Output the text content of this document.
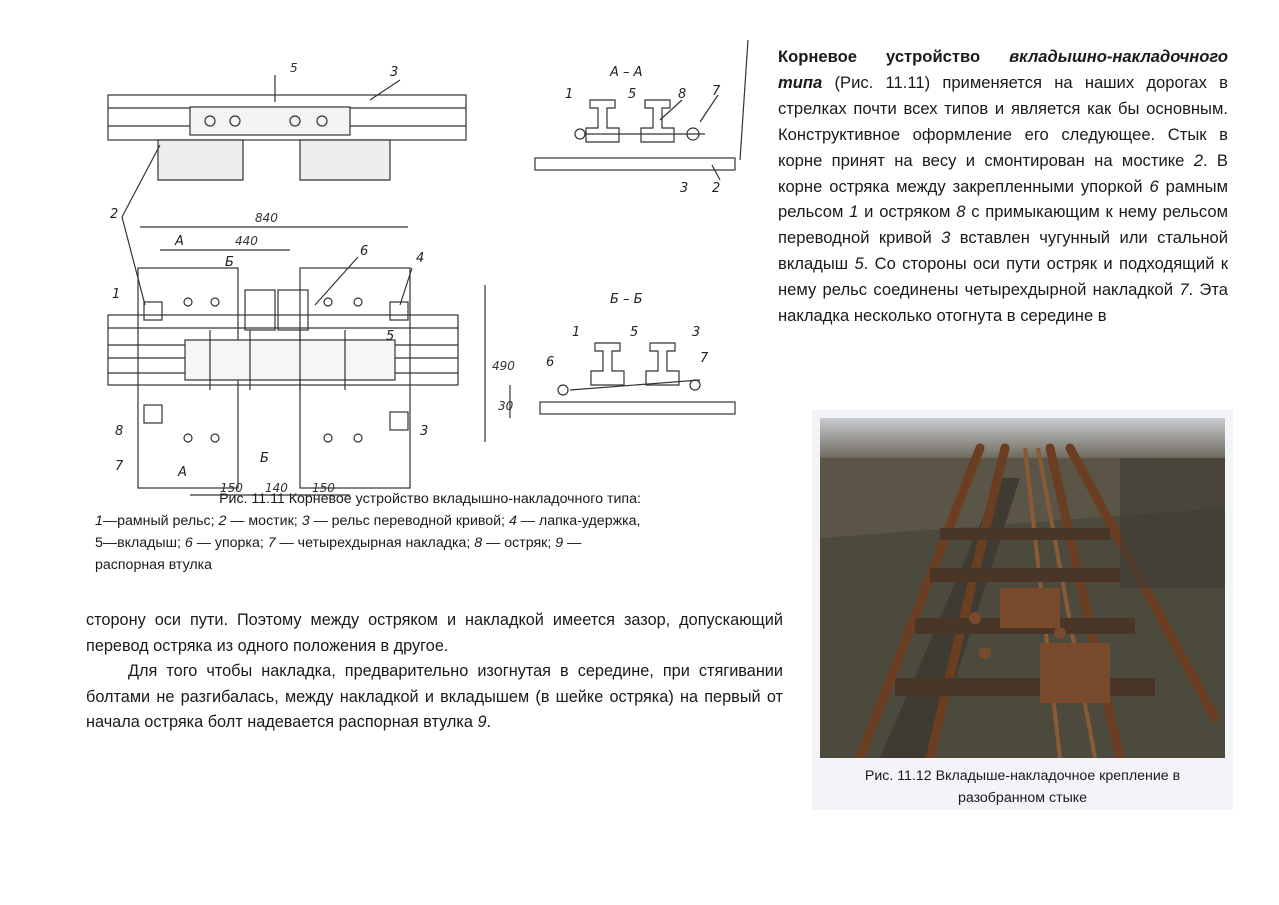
А – А
Б – Б
5
840
440
490
30
150 140 150
А
Б
А
Б
2
1
8
7
4
6
5
3
3
1	5	8 7
3 2
1	5	3
6	7
Рис. 11.11 Корневое устройство вкладышно-накладочного типа:
1—рамный рельс; 2 — мостик; 3 — рельс переводной кривой; 4 — лапка-удержка,
5—вкладыш; 6 — упорка; 7 — четырехдырная накладка; 8 — остряк; 9 —
распорная втулка
Корневое устройство вкладышно-накладочного типа (Рис. 11.11) применяется на наших дорогах в стрелках почти всех типов и является как бы основным. Конструктивное оформление его следующее. Стык в корне принят на весу и смонтирован на мостике 2. В корне остряка между закрепленными упоркой 6 рамным рельсом 1 и остряком 8 с примыкающим к нему рельсом переводной кривой 3 вставлен чугунный или стальной вкладыш 5. Со стороны оси пути остряк и подходящий к нему рельс соединены четырехдырной накладкой 7. Эта накладка несколько отогнута в середине в

сторону оси пути. Поэтому между остряком и накладкой имеется зазор, допускающий перевод остряка из одного положения в другое.

Для того чтобы накладка, предварительно изогнутая в середине, при стягивании болтами не разгибалась, между накладкой и вкладышем (в шейке остряка) на первый от начала остряка болт надевается распорная втулка 9.

Рис. 11.12 Вкладыше-накладочное крепление в разобранном стыке
